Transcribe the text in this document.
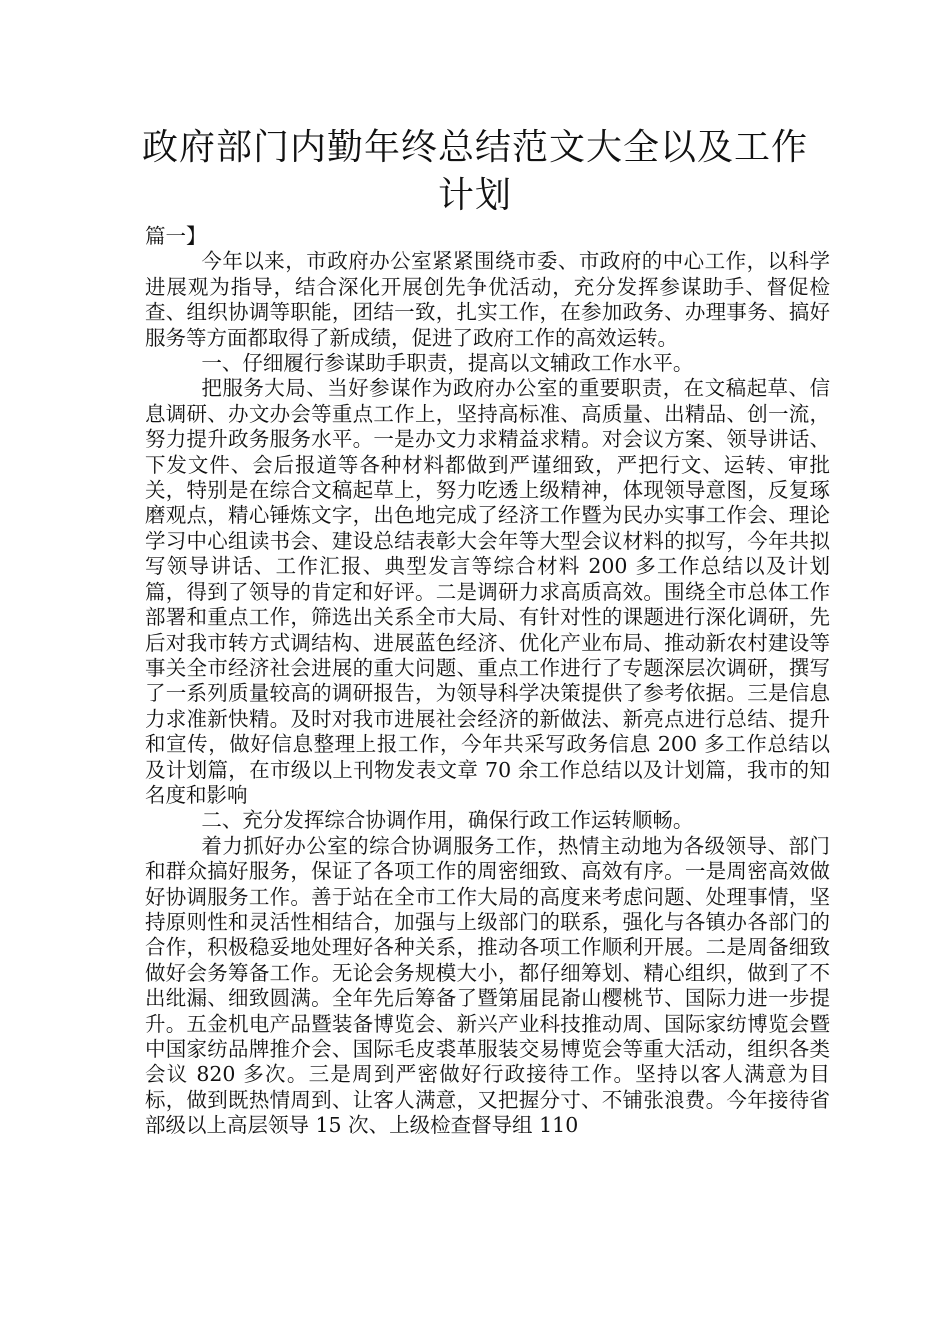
政府部门内勤年终总结范文大全以及工作
计划

篇一】

今年以来，市政府办公室紧紧围绕市委、市政府的中心工作，以科学进展观为指导，结合深化开展创先争优活动，充分发挥参谋助手、督促检查、组织协调等职能，团结一致，扎实工作，在参加政务、办理事务、搞好服务等方面都取得了新成绩，促进了政府工作的高效运转。

一、仔细履行参谋助手职责，提高以文辅政工作水平。

把服务大局、当好参谋作为政府办公室的重要职责，在文稿起草、信息调研、办文办会等重点工作上，坚持高标准、高质量、出精品、创一流，努力提升政务服务水平。一是办文力求精益求精。对会议方案、领导讲话、下发文件、会后报道等各种材料都做到严谨细致，严把行文、运转、审批关，特别是在综合文稿起草上，努力吃透上级精神，体现领导意图，反复琢磨观点，精心锤炼文字，出色地完成了经济工作暨为民办实事工作会、理论学习中心组读书会、建设总结表彰大会年等大型会议材料的拟写，今年共拟写领导讲话、工作汇报、典型发言等综合材料 200 多工作总结以及计划篇，得到了领导的肯定和好评。二是调研力求高质高效。围绕全市总体工作部署和重点工作，筛选出关系全市大局、有针对性的课题进行深化调研，先后对我市转方式调结构、进展蓝色经济、优化产业布局、推动新农村建设等事关全市经济社会进展的重大问题、重点工作进行了专题深层次调研，撰写了一系列质量较高的调研报告，为领导科学决策提供了参考依据。三是信息力求准新快精。及时对我市进展社会经济的新做法、新亮点进行总结、提升和宣传，做好信息整理上报工作，今年共采写政务信息 200 多工作总结以及计划篇，在市级以上刊物发表文章 70 余工作总结以及计划篇，我市的知名度和影响

二、充分发挥综合协调作用，确保行政工作运转顺畅。

着力抓好办公室的综合协调服务工作，热情主动地为各级领导、部门和群众搞好服务，保证了各项工作的周密细致、高效有序。一是周密高效做好协调服务工作。善于站在全市工作大局的高度来考虑问题、处理事情，坚持原则性和灵活性相结合，加强与上级部门的联系，强化与各镇办各部门的合作，积极稳妥地处理好各种关系，推动各项工作顺利开展。二是周备细致做好会务筹备工作。无论会务规模大小，都仔细筹划、精心组织，做到了不出纰漏、细致圆满。全年先后筹备了暨第届昆嵛山樱桃节、国际力进一步提升。五金机电产品暨装备博览会、新兴产业科技推动周、国际家纺博览会暨中国家纺品牌推介会、国际毛皮裘革服装交易博览会等重大活动，组织各类会议 820 多次。三是周到严密做好行政接待工作。坚持以客人满意为目标，做到既热情周到、让客人满意，又把握分寸、不铺张浪费。今年接待省部级以上高层领导 15 次、上级检查督导组 110
